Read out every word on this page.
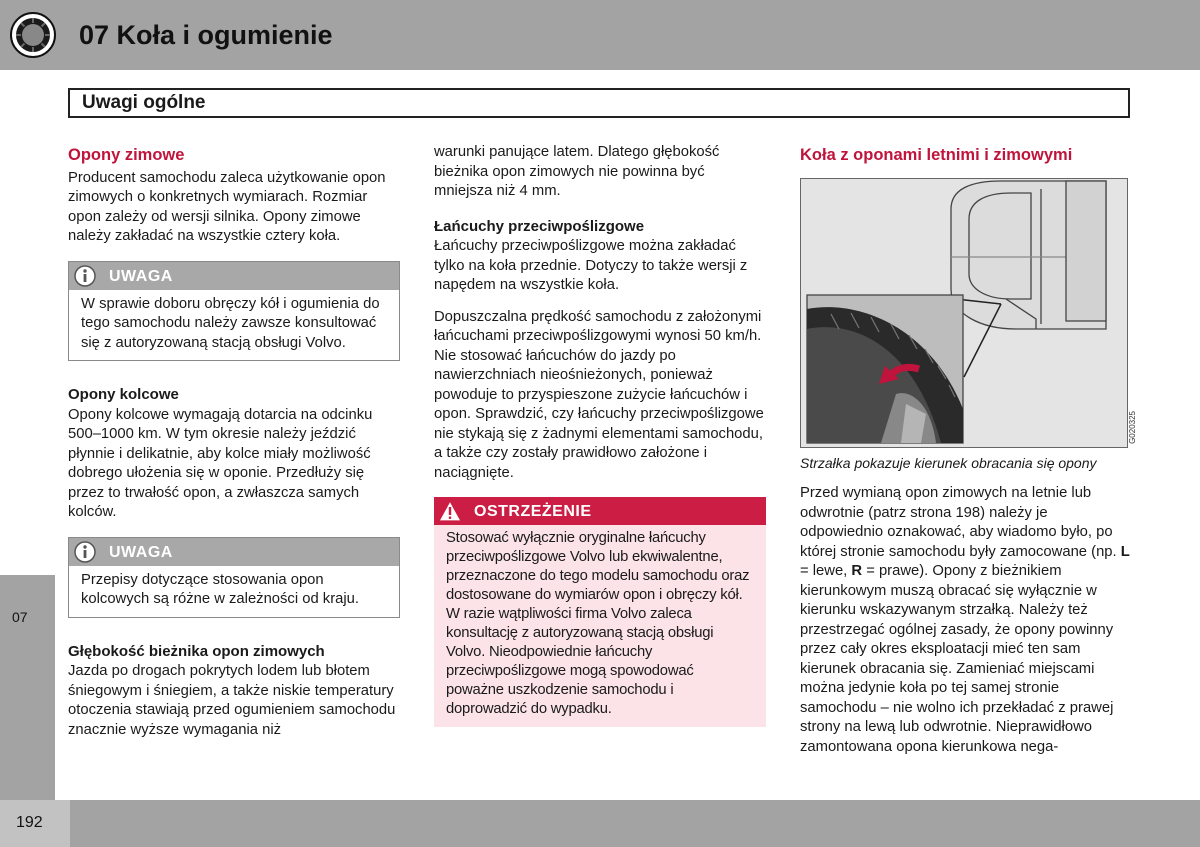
07 Koła i ogumienie
Uwagi ogólne
Opony zimowe

Producent samochodu zaleca użytkowanie opon zimowych o konkretnych wymiarach. Rozmiar opon zależy od wersji silnika. Opony zimowe należy zakładać na wszystkie cztery koła.

UWAGA
W sprawie doboru obręczy kół i ogumienia do tego samochodu należy zawsze konsultować się z autoryzowaną stacją obsługi Volvo.
Opony kolcowe

Opony kolcowe wymagają dotarcia na odcinku 500–1000 km. W tym okresie należy jeździć płynnie i delikatnie, aby kolce miały możliwość dobrego ułożenia się w oponie. Przedłuży się przez to trwałość opon, a zwłaszcza samych kolców.

UWAGA
Przepisy dotyczące stosowania opon kolcowych są różne w zależności od kraju.
Głębokość bieżnika opon zimowych

Jazda po drogach pokrytych lodem lub błotem śniegowym i śniegiem, a także niskie temperatury otoczenia stawiają przed ogumieniem samochodu znacznie wyższe wymagania niż

warunki panujące latem. Dlatego głębokość bieżnika opon zimowych nie powinna być mniejsza niż 4 mm.

Łańcuchy przeciwpoślizgowe

Łańcuchy przeciwpoślizgowe można zakładać tylko na koła przednie. Dotyczy to także wersji z napędem na wszystkie koła.

Dopuszczalna prędkość samochodu z założonymi łańcuchami przeciwpoślizgowymi wynosi 50 km/h. Nie stosować łańcuchów do jazdy po nawierzchniach nieośnieżonych, ponieważ powoduje to przyspieszone zużycie łańcuchów i opon. Sprawdzić, czy łańcuchy przeciwpoślizgowe nie stykają się z żadnymi elementami samochodu, a także czy zostały prawidłowo założone i naciągnięte.

OSTRZEŻENIE
Stosować wyłącznie oryginalne łańcuchy przeciwpoślizgowe Volvo lub ekwiwalentne, przeznaczone do tego modelu samochodu oraz dostosowane do wymiarów opon i obręczy kół. W razie wątpliwości firma Volvo zaleca konsultację z autoryzowaną stacją obsługi Volvo. Nieodpowiednie łańcuchy przeciwpoślizgowe mogą spowodować poważne uszkodzenie samochodu i doprowadzić do wypadku.
Koła z oponami letnimi i zimowymi
G020325
Strzałka pokazuje kierunek obracania się opony

Przed wymianą opon zimowych na letnie lub odwrotnie (patrz strona 198) należy je odpowiednio oznakować, aby wiadomo było, po której stronie samochodu były zamocowane (np. L = lewe, R = prawe). Opony z bieżnikiem kierunkowym muszą obracać się wyłącznie w kierunku wskazywanym strzałką. Należy też przestrzegać ogólnej zasady, że opony powinny przez cały okres eksploatacji mieć ten sam kierunek obracania się. Zamieniać miejscami można jedynie koła po tej samej stronie samochodu – nie wolno ich przekładać z prawej strony na lewą lub odwrotnie. Nieprawidłowo zamontowana opona kierunkowa nega-

07
192
